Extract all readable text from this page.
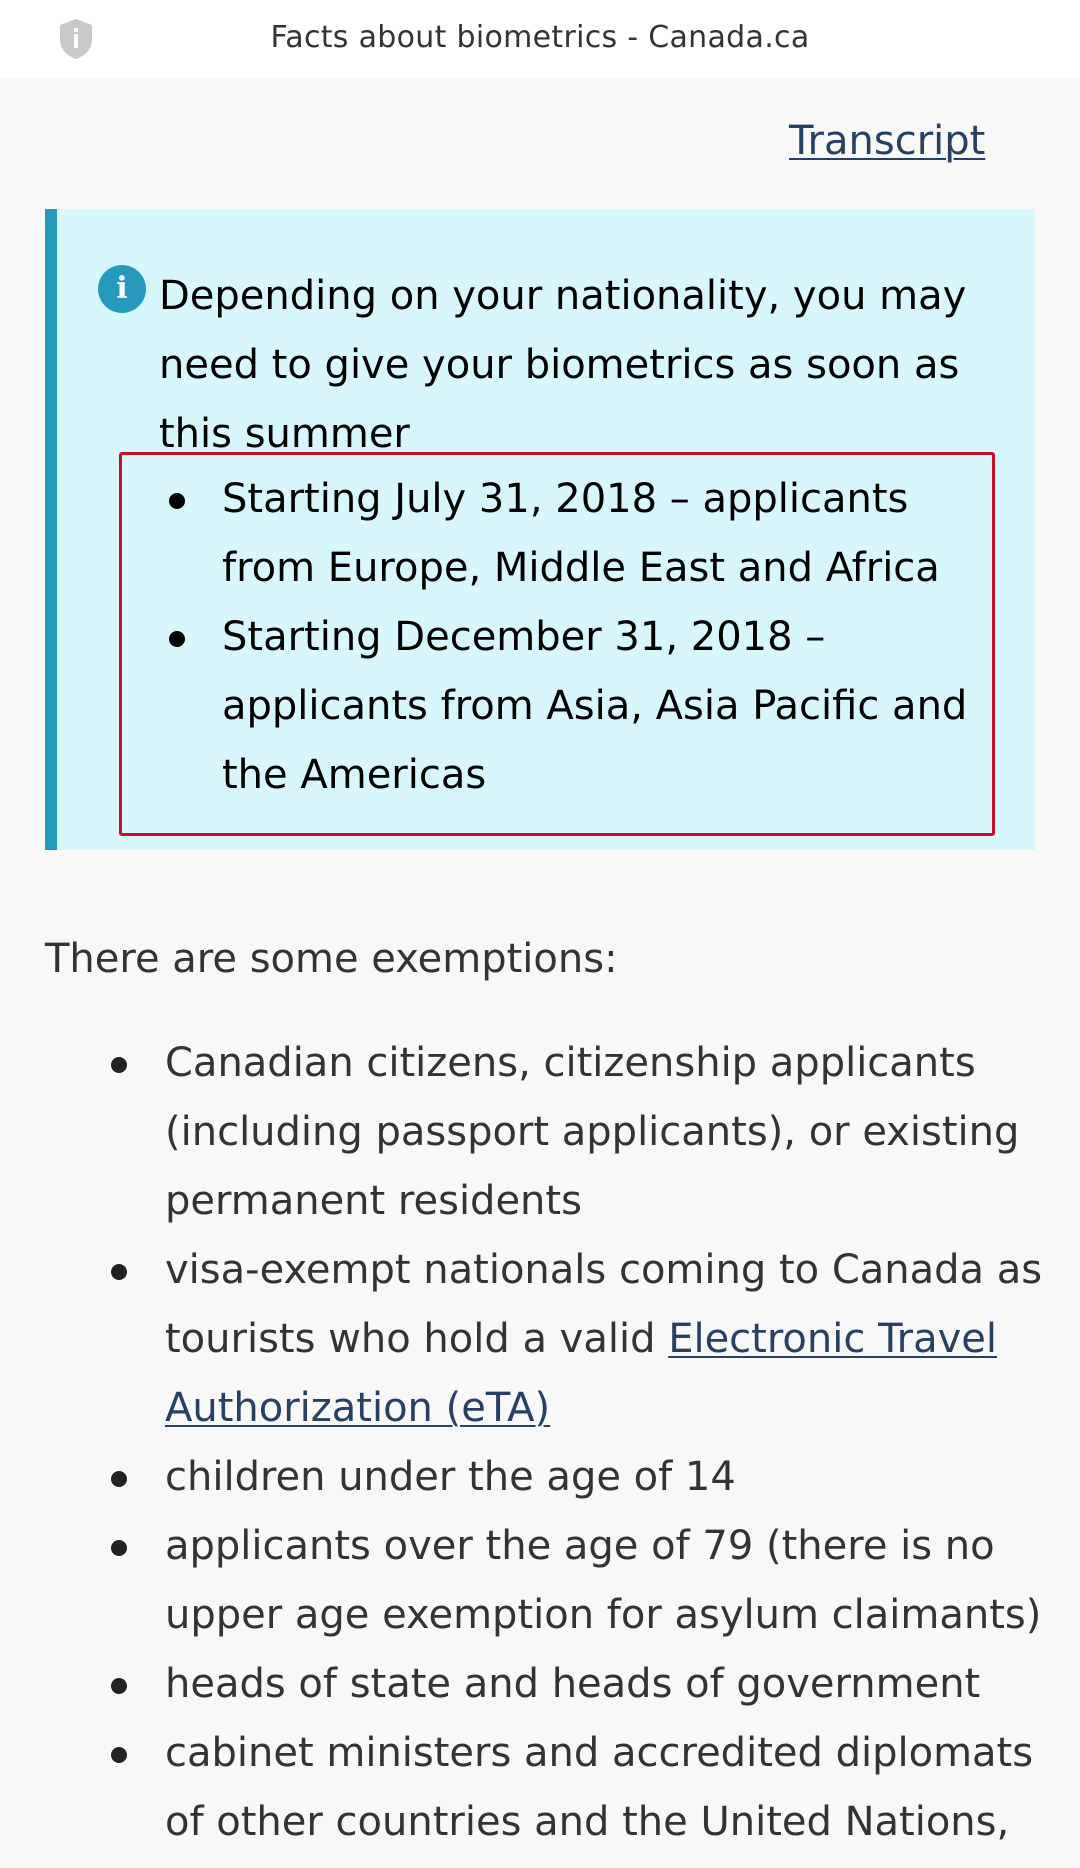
Facts about biometrics - Canada.ca
Transcript
i Depending on your nationality, you may need to give your biometrics as soon as this summer

Starting July 31, 2018 – applicants from Europe, Middle East and Africa
Starting December 31, 2018 – applicants from Asia, Asia Pacific and the Americas

There are some exemptions:

Canadian citizens, citizenship applicants (including passport applicants), or existing permanent residents
visa-exempt nationals coming to Canada as tourists who hold a valid Electronic Travel Authorization (eTA)
children under the age of 14
applicants over the age of 79 (there is no upper age exemption for asylum claimants)
heads of state and heads of government
cabinet ministers and accredited diplomats of other countries and the United Nations,
